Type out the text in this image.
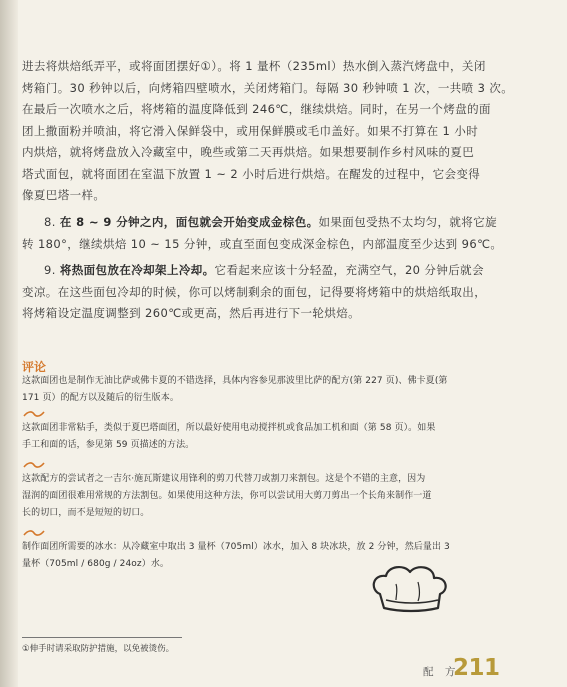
进去将烘焙纸弄平，或将面团摆好①）。将 1 量杯（235ml）热水倒入蒸汽烤盘中，关闭
烤箱门。30 秒钟以后，向烤箱四壁喷水，关闭烤箱门。每隔 30 秒钟喷 1 次，一共喷 3 次。
在最后一次喷水之后，将烤箱的温度降低到 246℃，继续烘焙。同时，在另一个烤盘的面
团上撒面粉并喷油，将它滑入保鲜袋中，或用保鲜膜或毛巾盖好。如果不打算在 1 小时
内烘焙，就将烤盘放入冷藏室中，晚些或第二天再烘焙。如果想要制作乡村风味的夏巴
塔式面包，就将面团在室温下放置 1 ~ 2 小时后进行烘焙。在醒发的过程中，它会变得
像夏巴塔一样。
8. 在 8 ~ 9 分钟之内，面包就会开始变成金棕色。如果面包受热不太均匀，就将它旋
转 180°，继续烘焙 10 ~ 15 分钟，或直至面包变成深金棕色，内部温度至少达到 96℃。
9. 将热面包放在冷却架上冷却。它看起来应该十分轻盈，充满空气，20 分钟后就会
变凉。在这些面包冷却的时候，你可以烤制剩余的面包，记得要将烤箱中的烘焙纸取出，
将烤箱设定温度调整到 260℃或更高，然后再进行下一轮烘焙。
评论
这款面团也是制作无油比萨或佛卡夏的不错选择，具体内容参见那波里比萨的配方(第 227 页)、佛卡夏(第
171 页）的配方以及随后的衍生版本。
这款面团非常粘手，类似于夏巴塔面团，所以最好使用电动搅拌机或食品加工机和面（第 58 页）。如果
手工和面的话，参见第 59 页描述的方法。
这款配方的尝试者之一吉尔·施瓦斯建议用锋利的剪刀代替刀或割刀来割包。这是个不错的主意，因为
湿润的面团很难用常规的方法割包。如果使用这种方法，你可以尝试用大剪刀剪出一个长角来制作一道
长的切口，而不是短短的切口。
制作面团所需要的冰水：从冷藏室中取出 3 量杯（705ml）冰水，加入 8 块冰块，放 2 分钟，然后量出 3
量杯（705ml / 680g / 24oz）水。
①伸手时请采取防护措施，以免被烫伤。
配 方
211
